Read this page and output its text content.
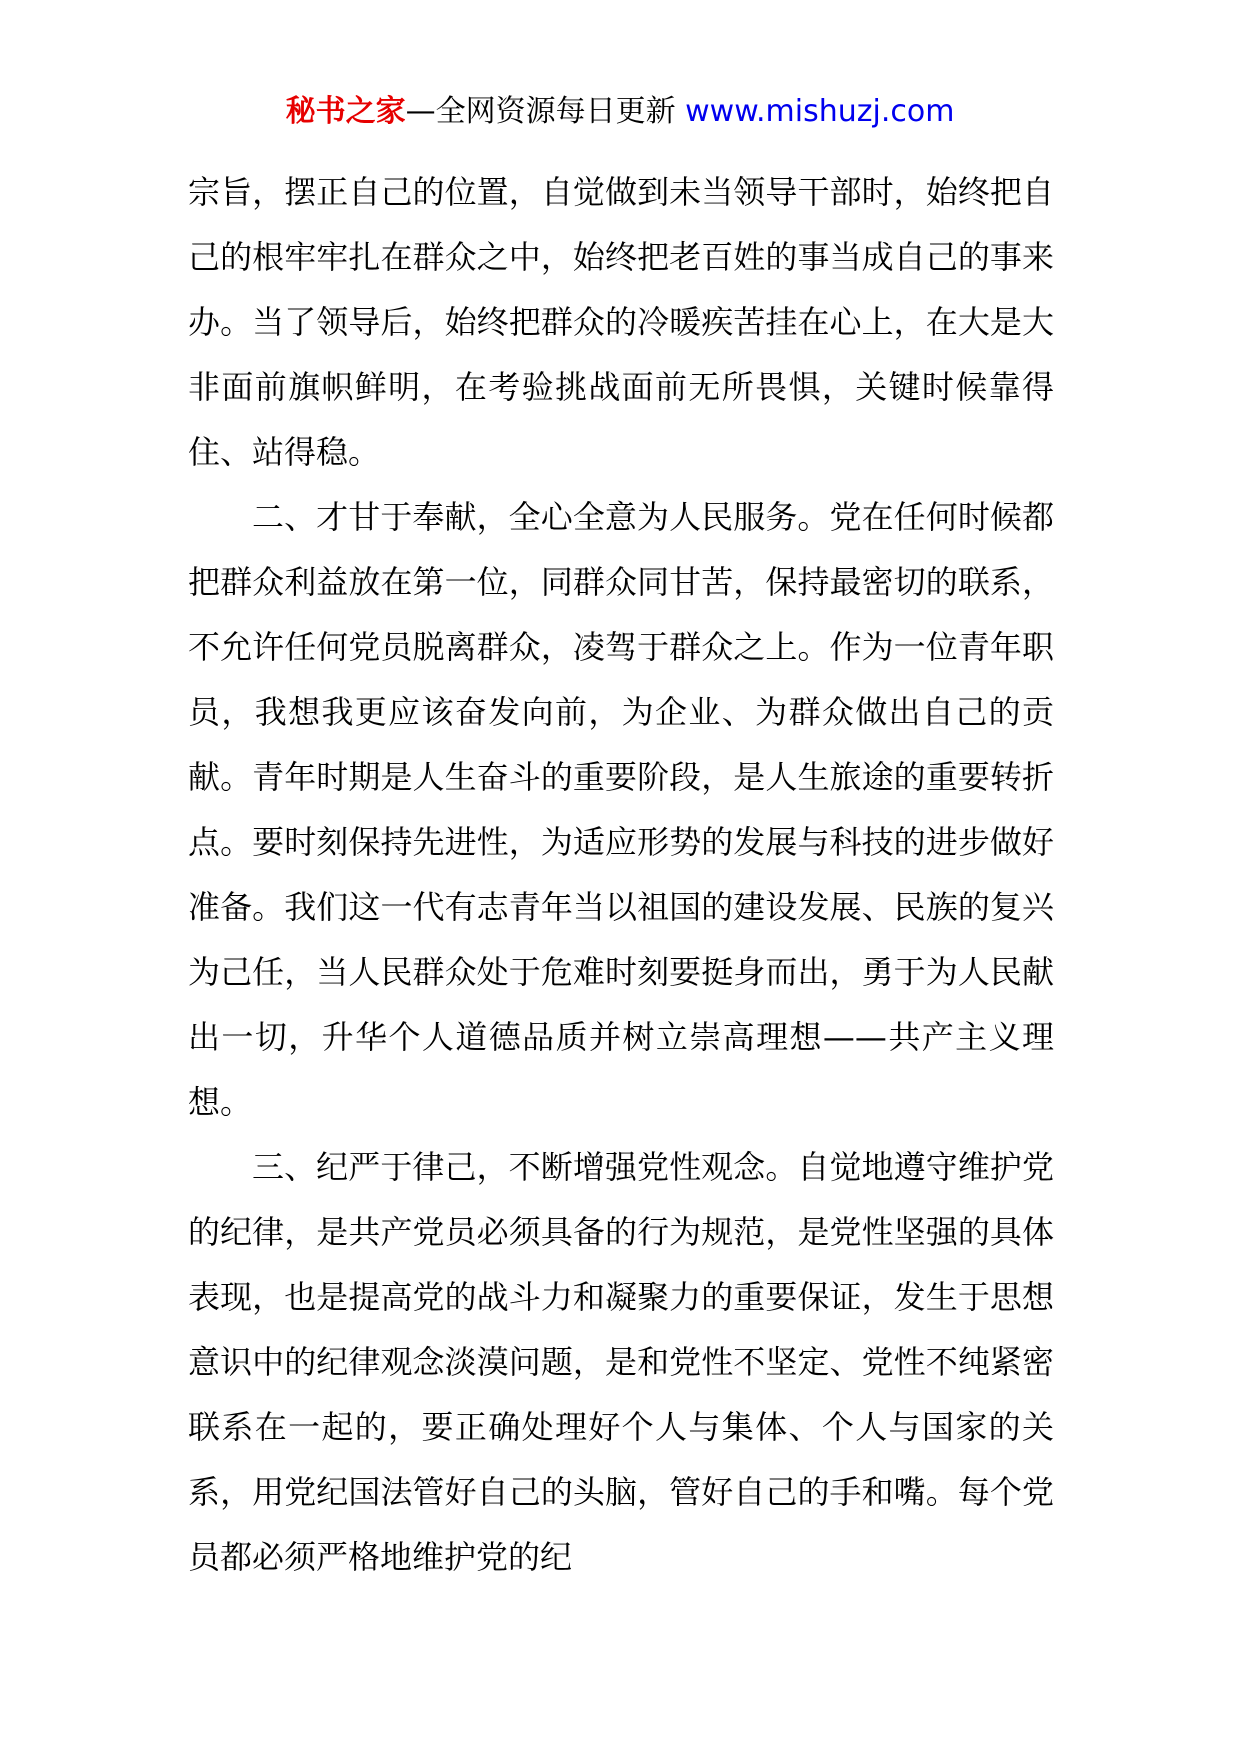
秘书之家—全网资源每日更新 www.mishuzj.com

宗旨，摆正自己的位置，自觉做到未当领导干部时，始终把自己的根牢牢扎在群众之中，始终把老百姓的事当成自己的事来办。当了领导后，始终把群众的冷暖疾苦挂在心上，在大是大非面前旗帜鲜明，在考验挑战面前无所畏惧，关键时候靠得住、站得稳。

二、才甘于奉献，全心全意为人民服务。党在任何时候都把群众利益放在第一位，同群众同甘苦，保持最密切的联系，不允许任何党员脱离群众，凌驾于群众之上。作为一位青年职员，我想我更应该奋发向前，为企业、为群众做出自己的贡献。青年时期是人生奋斗的重要阶段，是人生旅途的重要转折点。要时刻保持先进性，为适应形势的发展与科技的进步做好准备。我们这一代有志青年当以祖国的建设发展、民族的复兴为己任，当人民群众处于危难时刻要挺身而出，勇于为人民献出一切，升华个人道德品质并树立崇高理想——共产主义理想。

三、纪严于律己，不断增强党性观念。自觉地遵守维护党的纪律，是共产党员必须具备的行为规范，是党性坚强的具体表现，也是提高党的战斗力和凝聚力的重要保证，发生于思想意识中的纪律观念淡漠问题，是和党性不坚定、党性不纯紧密联系在一起的，要正确处理好个人与集体、个人与国家的关系，用党纪国法管好自己的头脑，管好自己的手和嘴。每个党员都必须严格地维护党的纪
